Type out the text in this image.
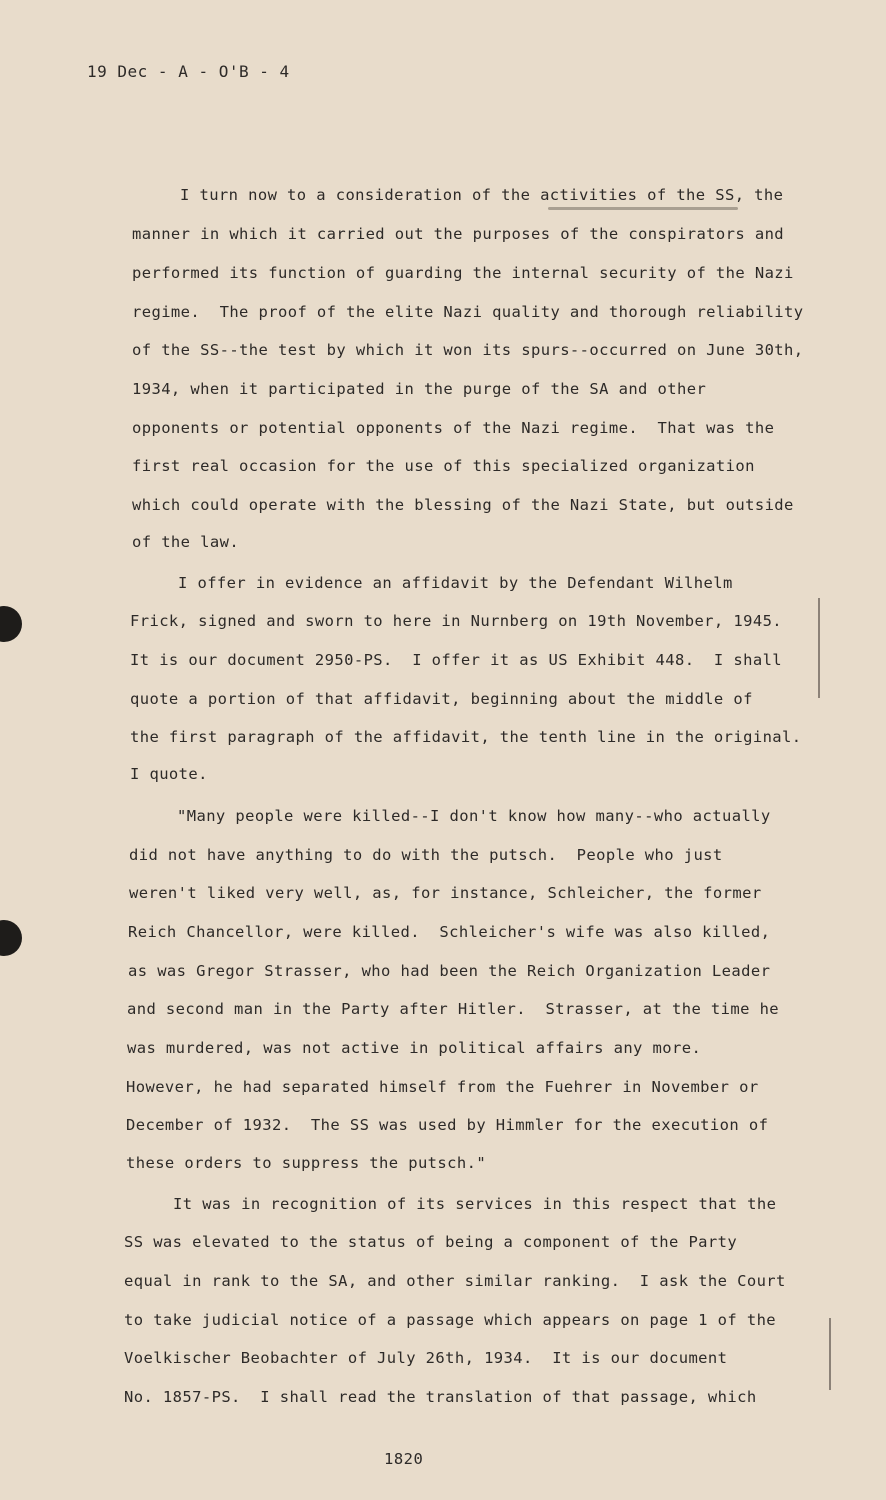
19 Dec - A - O'B - 4
I turn now to a consideration of the activities of the SS, the
manner in which it carried out the purposes of the conspirators and
performed its function of guarding the internal security of the Nazi
regime.  The proof of the elite Nazi quality and thorough reliability
of the SS--the test by which it won its spurs--occurred on June 30th,
1934, when it participated in the purge of the SA and other
opponents or potential opponents of the Nazi regime.  That was the
first real occasion for the use of this specialized organization
which could operate with the blessing of the Nazi State, but outside
of the law.
I offer in evidence an affidavit by the Defendant Wilhelm
Frick, signed and sworn to here in Nurnberg on 19th November, 1945.
It is our document 2950-PS.  I offer it as US Exhibit 448.  I shall
quote a portion of that affidavit, beginning about the middle of
the first paragraph of the affidavit, the tenth line in the original.
I quote.
"Many people were killed--I don't know how many--who actually
did not have anything to do with the putsch.  People who just
weren't liked very well, as, for instance, Schleicher, the former
Reich Chancellor, were killed.  Schleicher's wife was also killed,
as was Gregor Strasser, who had been the Reich Organization Leader
and second man in the Party after Hitler.  Strasser, at the time he
was murdered, was not active in political affairs any more.
However, he had separated himself from the Fuehrer in November or
December of 1932.  The SS was used by Himmler for the execution of
these orders to suppress the putsch."
It was in recognition of its services in this respect that the
SS was elevated to the status of being a component of the Party
equal in rank to the SA, and other similar ranking.  I ask the Court
to take judicial notice of a passage which appears on page 1 of the
Voelkischer Beobachter of July 26th, 1934.  It is our document
No. 1857-PS.  I shall read the translation of that passage, which
1820
